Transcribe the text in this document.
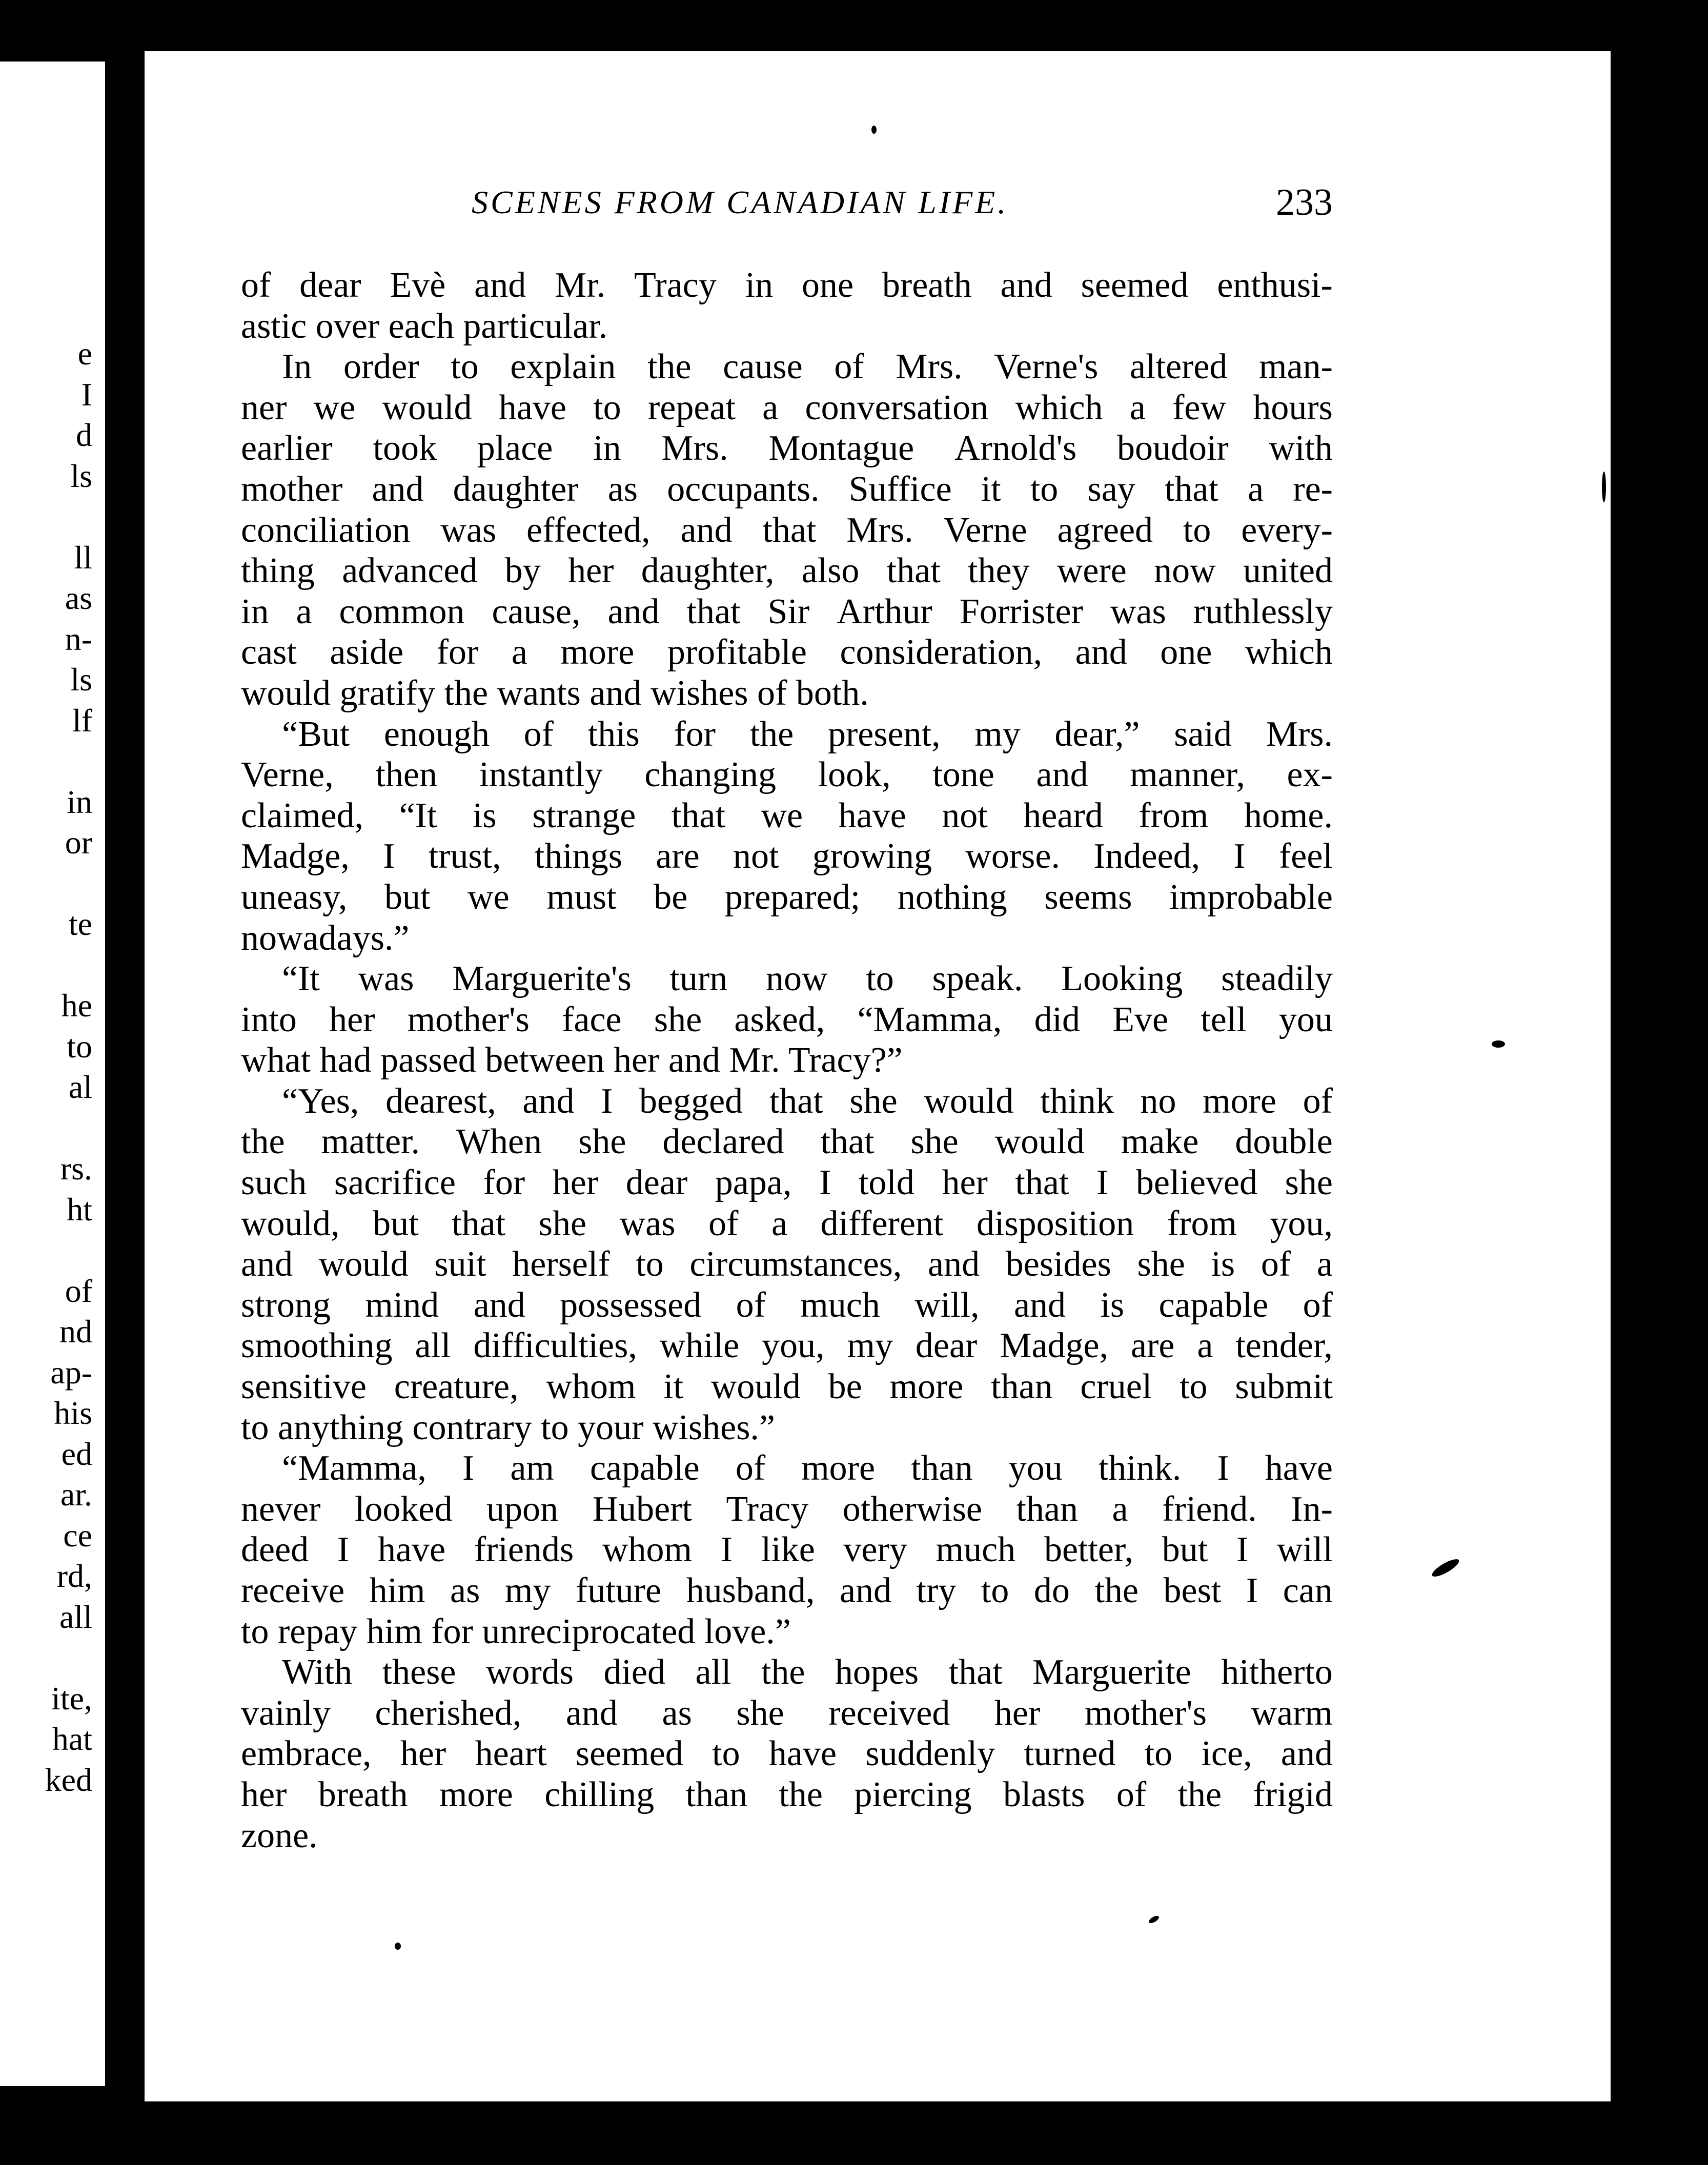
e
I
d
ls
ll
as
n-
ls
lf
in
or
te
he
to
al
rs.
ht
of
nd
ap-
his
ed
ar.
ce
rd,
all
ite,
hat
ked
SCENES FROM CANADIAN LIFE.	233
of dear Evè and Mr. Tracy in one breath and seemed enthusi-
astic over each particular.
In order to explain the cause of Mrs. Verne's altered man-
ner we would have to repeat a conversation which a few hours
earlier took place in Mrs. Montague Arnold's boudoir with
mother and daughter as occupants. Suffice it to say that a re-
conciliation was effected, and that Mrs. Verne agreed to every-
thing advanced by her daughter, also that they were now united
in a common cause, and that Sir Arthur Forrister was ruthlessly
cast aside for a more profitable consideration, and one which
would gratify the wants and wishes of both.
“But enough of this for the present, my dear,” said Mrs.
Verne, then instantly changing look, tone and manner, ex-
claimed, “It is strange that we have not heard from home.
Madge, I trust, things are not growing worse. Indeed, I feel
uneasy, but we must be prepared; nothing seems improbable
nowadays.”
“It was Marguerite's turn now to speak. Looking steadily
into her mother's face she asked, “Mamma, did Eve tell you
what had passed between her and Mr. Tracy?”
“Yes, dearest, and I begged that she would think no more of
the matter. When she declared that she would make double
such sacrifice for her dear papa, I told her that I believed she
would, but that she was of a different disposition from you,
and would suit herself to circumstances, and besides she is of a
strong mind and possessed of much will, and is capable of
smoothing all difficulties, while you, my dear Madge, are a tender,
sensitive creature, whom it would be more than cruel to submit
to anything contrary to your wishes.”
“Mamma, I am capable of more than you think. I have
never looked upon Hubert Tracy otherwise than a friend. In-
deed I have friends whom I like very much better, but I will
receive him as my future husband, and try to do the best I can
to repay him for unreciprocated love.”
With these words died all the hopes that Marguerite hitherto
vainly cherished, and as she received her mother's warm
embrace, her heart seemed to have suddenly turned to ice, and
her breath more chilling than the piercing blasts of the frigid
zone.
